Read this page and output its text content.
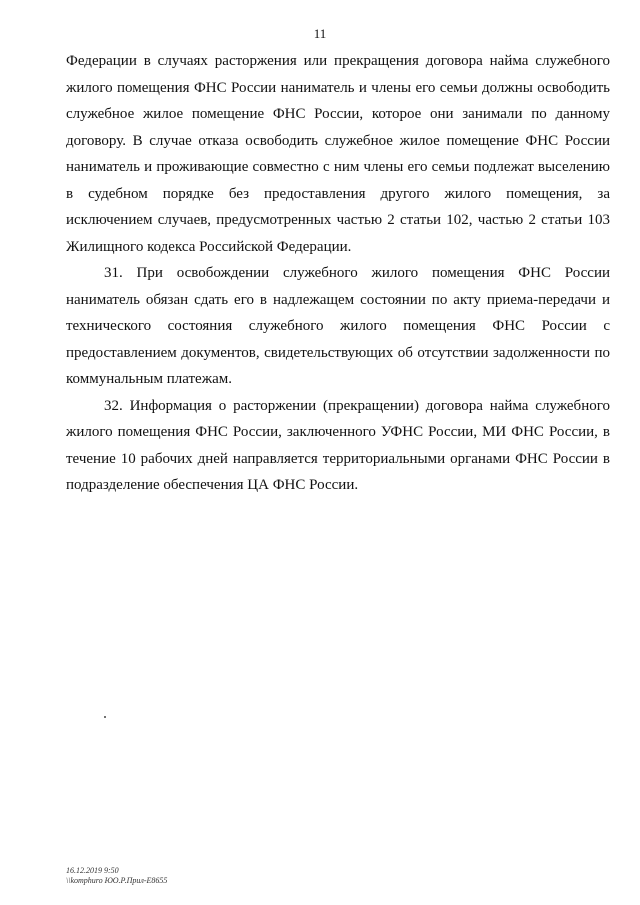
11

Федерации в случаях расторжения или прекращения договора найма служебного жилого помещения ФНС России наниматель и члены его семьи должны освободить служебное жилое помещение ФНС России, которое они занимали по данному договору. В случае отказа освободить служебное жилое помещение ФНС России наниматель и проживающие совместно с ним члены его семьи подлежат выселению в судебном порядке без предоставления другого жилого помещения, за исключением случаев, предусмотренных частью 2 статьи 102, частью 2 статьи 103 Жилищного кодекса Российской Федерации.

31. При освобождении служебного жилого помещения ФНС России наниматель обязан сдать его в надлежащем состоянии по акту приема-передачи и технического состояния служебного жилого помещения ФНС России с предоставлением документов, свидетельствующих об отсутствии задолженности по коммунальным платежам.

32. Информация о расторжении (прекращении) договора найма служебного жилого помещения ФНС России, заключенного УФНС России, МИ ФНС России, в течение 10 рабочих дней направляется территориальными органами ФНС России в подразделение обеспечения ЦА ФНС России.

16.12.2019 9:50
\\komphuro ЮО.Р.Прил-Е8655
